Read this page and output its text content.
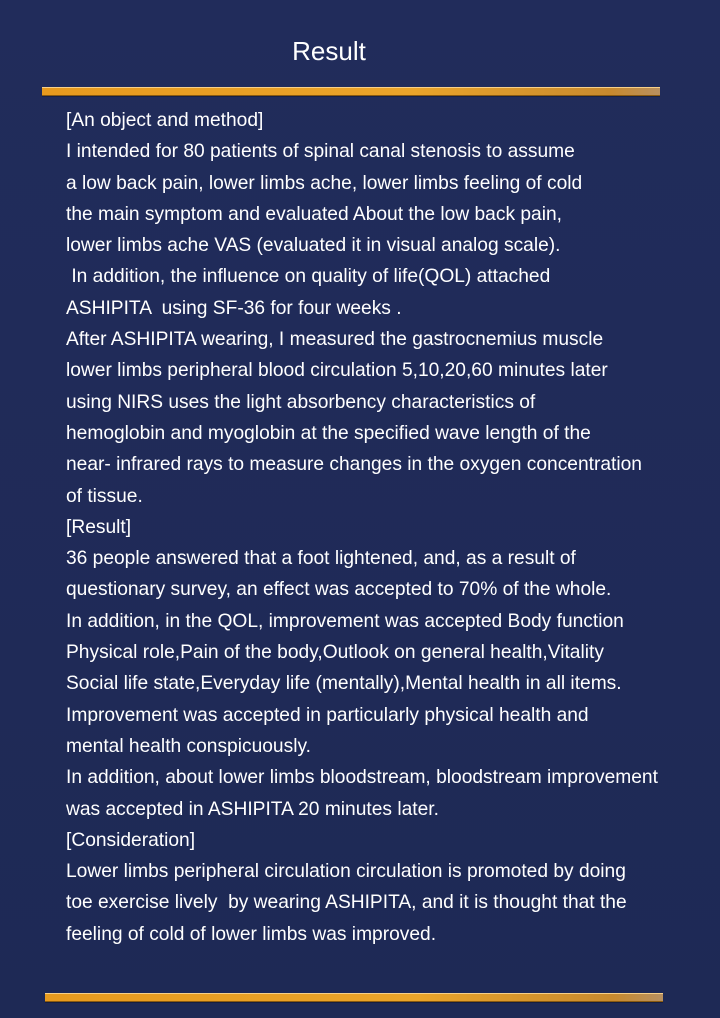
Result
[An object and method]
I intended for 80 patients of spinal canal stenosis to assume
a low back pain, lower limbs ache, lower limbs feeling of cold
the main symptom and evaluated About the low back pain,
lower limbs ache VAS (evaluated it in visual analog scale).
In addition, the influence on quality of life(QOL) attached
ASHIPITA  using SF-36 for four weeks .
After ASHIPITA wearing, I measured the gastrocnemius muscle
lower limbs peripheral blood circulation 5,10,20,60 minutes later
using NIRS uses the light absorbency characteristics of
hemoglobin and myoglobin at the specified wave length of the
near- infrared rays to measure changes in the oxygen concentration
of tissue.
[Result]
36 people answered that a foot lightened, and, as a result of
questionary survey, an effect was accepted to 70% of the whole.
In addition, in the QOL, improvement was accepted Body function
Physical role,Pain of the body,Outlook on general health,Vitality
Social life state,Everyday life (mentally),Mental health in all items.
Improvement was accepted in particularly physical health and
mental health conspicuously.
In addition, about lower limbs bloodstream, bloodstream improvement
was accepted in ASHIPITA 20 minutes later.
[Consideration]
Lower limbs peripheral circulation circulation is promoted by doing
toe exercise lively  by wearing ASHIPITA, and it is thought that the
feeling of cold of lower limbs was improved.
